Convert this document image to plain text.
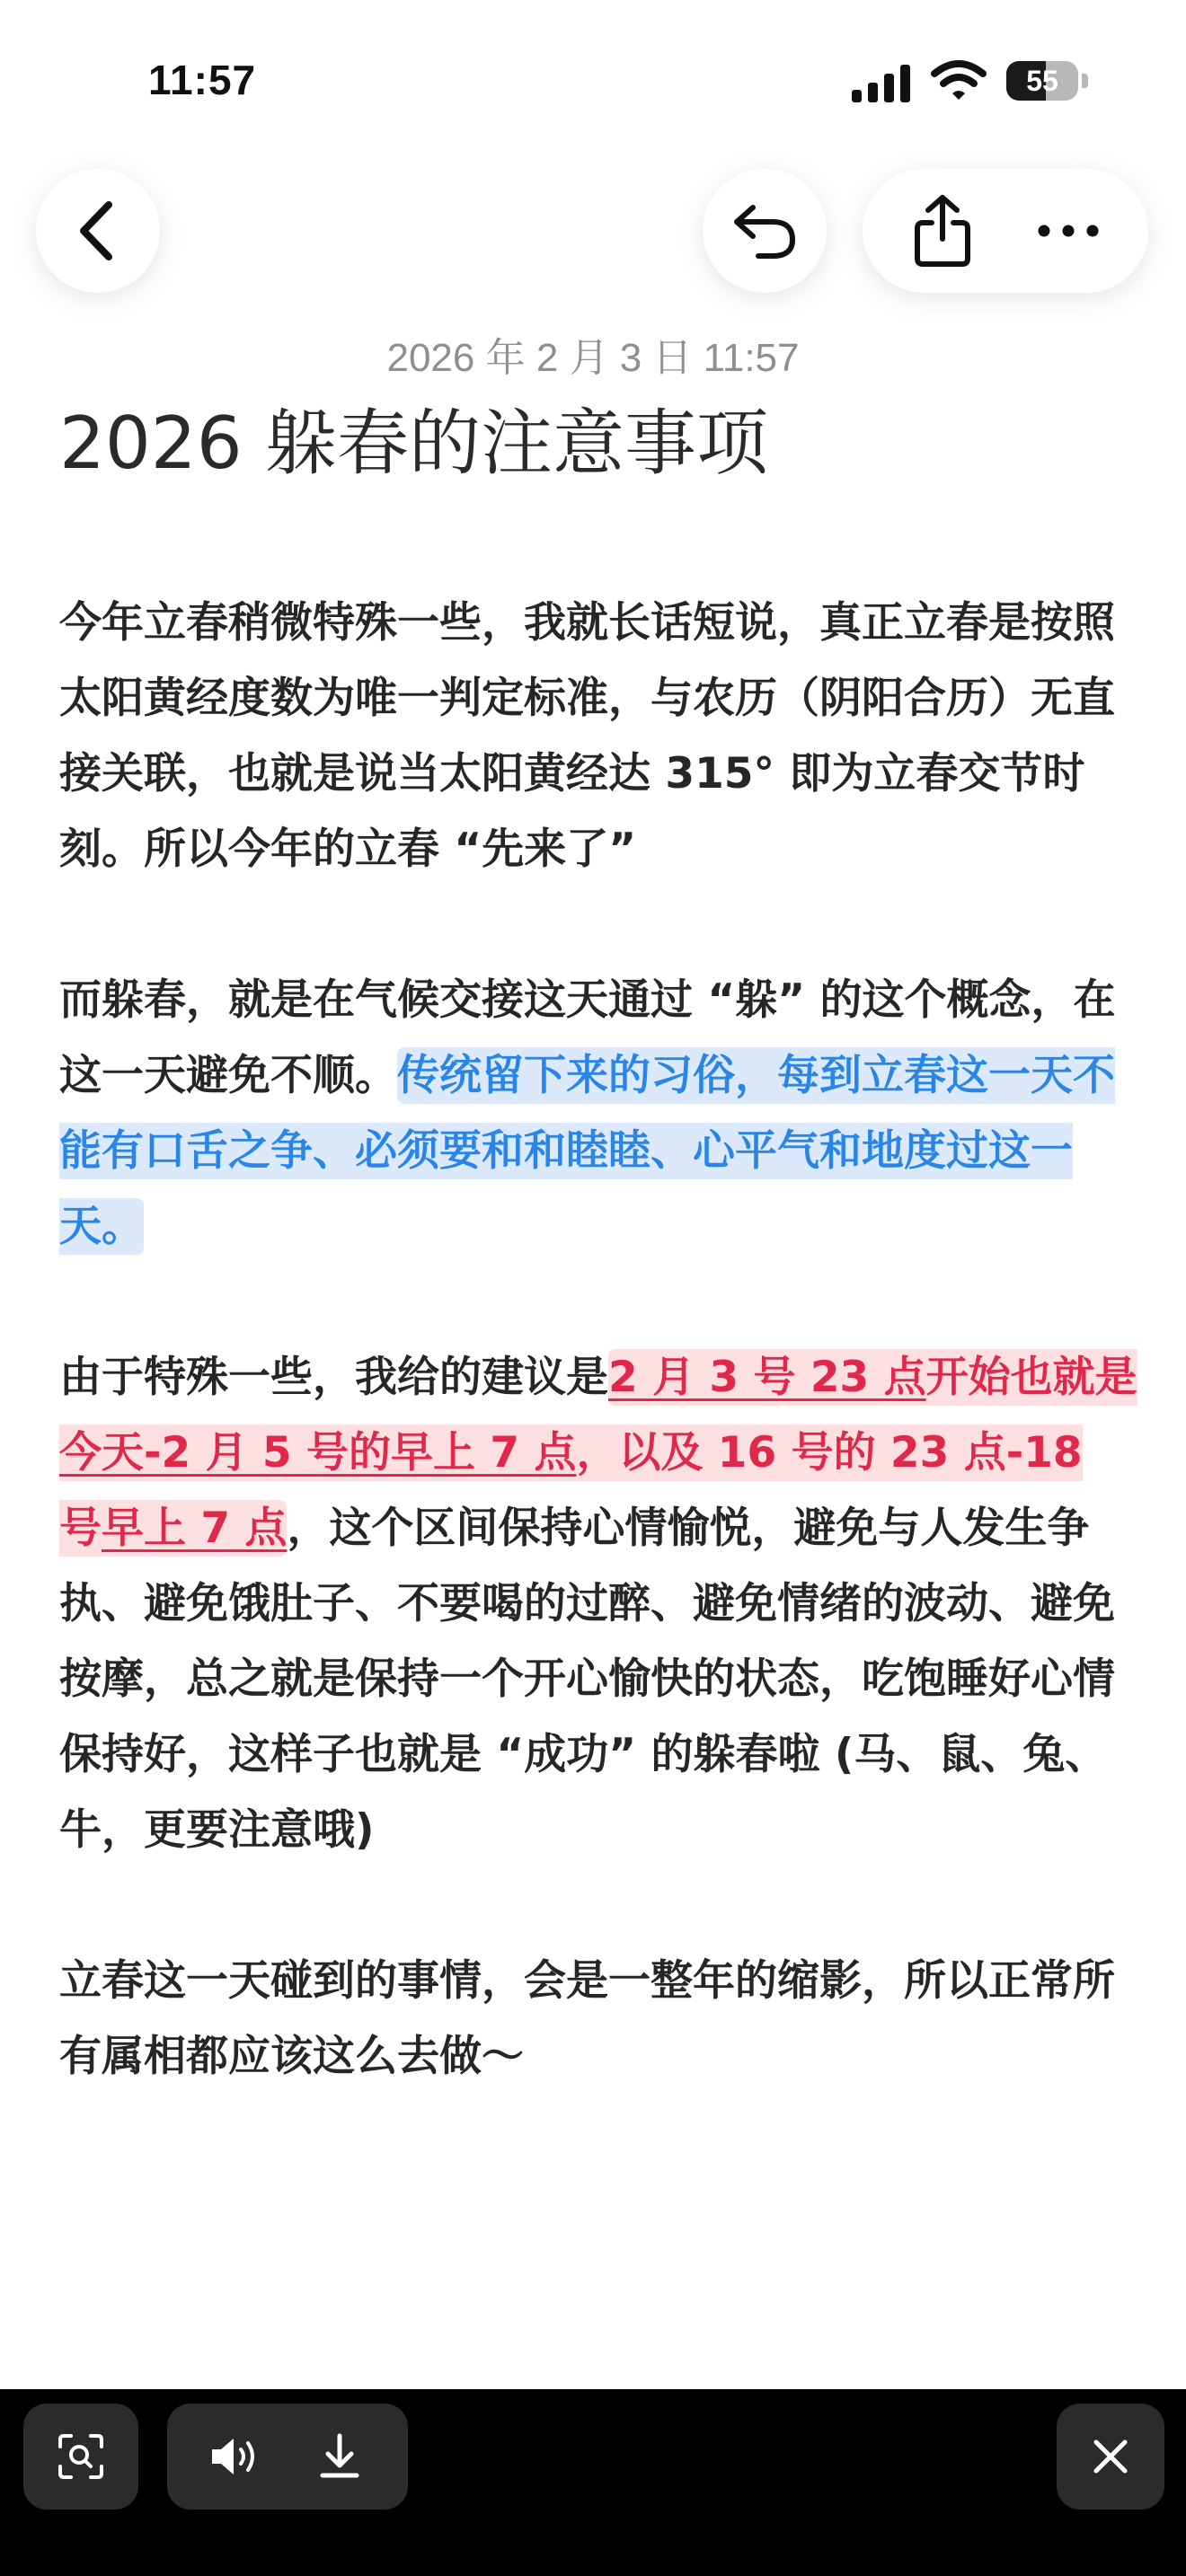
11:57	55
2026 年 2 月 3 日 11:57
2026 躲春的注意事项
今年立春稍微特殊一些，我就长话短说，真正立春是按照太阳黄经度数为唯一判定标准，与农历（阴阳合历）无直接关联，也就是说当太阳黄经达 315° 即为立春交节时刻。所以今年的立春 “先来了”
而躲春，就是在气候交接这天通过 “躲” 的这个概念，在这一天避免不顺。传统留下来的习俗，每到立春这一天不能有口舌之争、必须要和和睦睦、心平气和地度过这一天。
由于特殊一些，我给的建议是2 月 3 号 23 点开始也就是今天-2 月 5 号的早上 7 点，以及 16 号的 23 点-18 号早上 7 点，这个区间保持心情愉悦，避免与人发生争执、避免饿肚子、不要喝的过醉、避免情绪的波动、避免按摩，总之就是保持一个开心愉快的状态，吃饱睡好心情保持好，这样子也就是 “成功” 的躲春啦 (马、鼠、兔、牛，更要注意哦)
立春这一天碰到的事情，会是一整年的缩影，所以正常所有属相都应该这么去做～
